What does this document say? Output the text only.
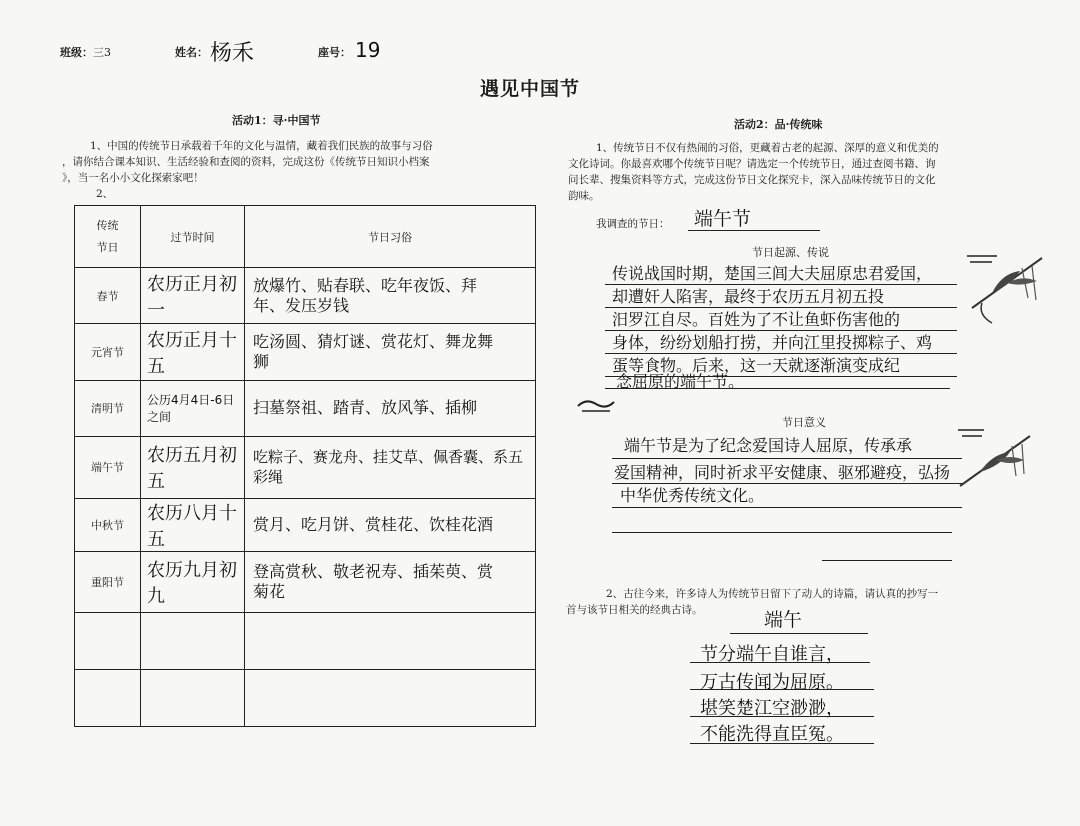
班级：三3	姓名： 杨禾	座号： 19
遇见中国节
活动1：寻·中国节
1、中国的传统节日承载着千年的文化与温情，藏着我们民族的故事与习俗
，请你结合课本知识、生活经验和查阅的资料，完成这份《传统节日知识小档案
》，当一名小小文化探索家吧！
2、
传统节日	过节时间	节日习俗
春节	农历正月初一	放爆竹、贴春联、吃年夜饭、拜
年、发压岁钱

元宵节	农历正月十五	吃汤圆、猜灯谜、赏花灯、舞龙舞
狮

清明节	公历4月4日-6日之间	扫墓祭祖、踏青、放风筝、插柳

端午节	农历五月初五	吃粽子、赛龙舟、挂艾草、佩香囊、系五
彩绳

中秋节	农历八月十五	赏月、吃月饼、赏桂花、饮桂花酒

重阳节	农历九月初九	登高赏秋、敬老祝寿、插茱萸、赏
菊花

活动2：品·传统味
1、传统节日不仅有热闹的习俗，更藏着古老的起源、深厚的意义和优美的
文化诗词。你最喜欢哪个传统节日呢？请选定一个传统节日，通过查阅书籍、询
问长辈、搜集资料等方式，完成这份节日文化探究卡，深入品味传统节日的文化
韵味。
我调查的节日： 端午节
节日起源、传说
传说战国时期，楚国三闾大夫屈原忠君爱国，
却遭奸人陷害，最终于农历五月初五投
汨罗江自尽。百姓为了不让鱼虾伤害他的
身体，纷纷划船打捞，并向江里投掷粽子、鸡
蛋等食物。后来，这一天就逐渐演变成纪
念屈原的端午节。
节日意义
端午节是为了纪念爱国诗人屈原，传承承
爱国精神，同时祈求平安健康、驱邪避疫，弘扬
中华优秀传统文化。
2、古往今来，许多诗人为传统节日留下了动人的诗篇，请认真的抄写一
首与该节日相关的经典古诗。	端午
节分端午自谁言，
万古传闻为屈原。
堪笑楚江空渺渺，
不能洗得直臣冤。
